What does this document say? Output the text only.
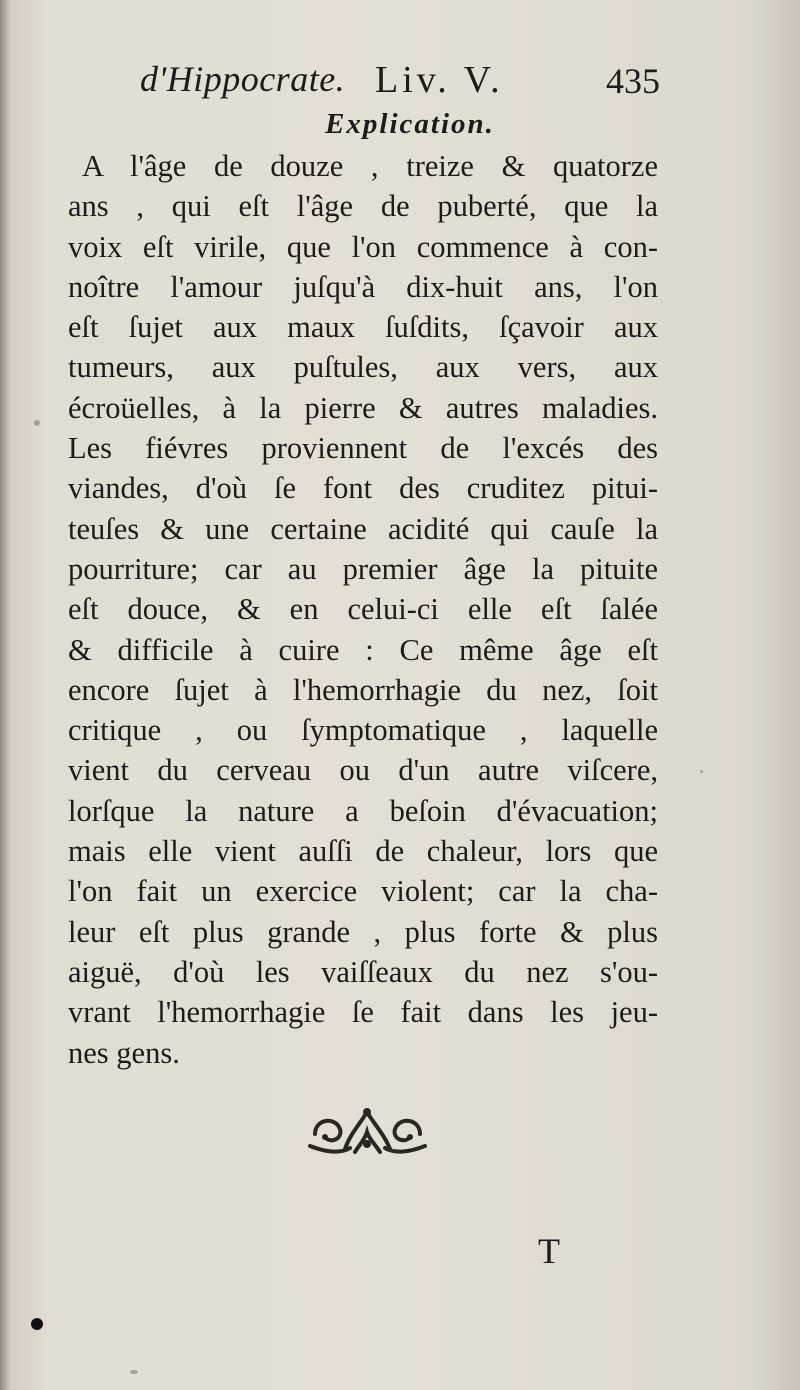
d'Hippocrate. Liv. V.	435
Explication.
A l'âge de douze , treize & quatorze
ans , qui eſt l'âge de puberté, que la
voix eſt virile, que l'on commence à con-
noître l'amour juſqu'à dix-huit ans, l'on
eſt ſujet aux maux ſuſdits, ſçavoir aux
tumeurs, aux puſtules, aux vers, aux
écroüelles, à la pierre & autres maladies.
Les fiévres proviennent de l'excés des
viandes, d'où ſe font des cruditez pitui-
teuſes & une certaine acidité qui cauſe la
pourriture; car au premier âge la pituite
eſt douce, & en celui-ci elle eſt ſalée
& difficile à cuire : Ce même âge eſt
encore ſujet à l'hemorrhagie du nez, ſoit
critique , ou ſymptomatique , laquelle
vient du cerveau ou d'un autre viſcere,
lorſque la nature a beſoin d'évacuation;
mais elle vient auſſi de chaleur, lors que
l'on fait un exercice violent; car la cha-
leur eſt plus grande , plus forte & plus
aiguë, d'où les vaiſſeaux du nez s'ou-
vrant l'hemorrhagie ſe fait dans les jeu-
nes gens.
T
